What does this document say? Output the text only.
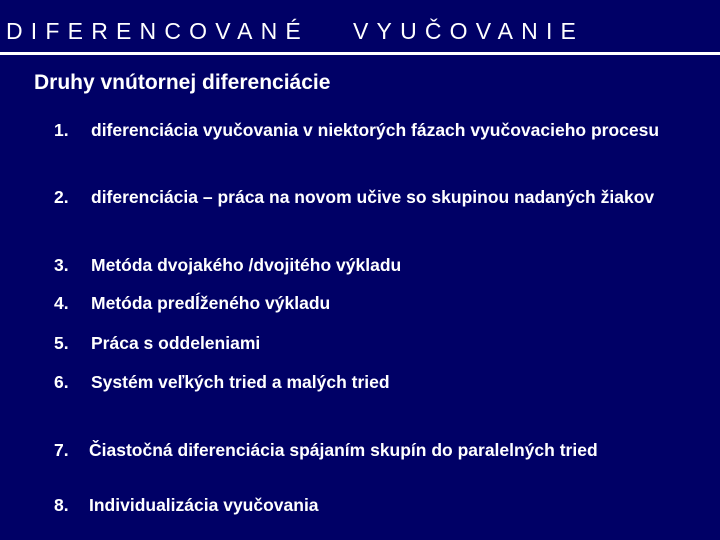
DIFERENCOVANÉ VYUČOVANIE
Druhy vnútornej diferenciácie
1. diferenciácia vyučovania v niektorých fázach vyučovacieho procesu
2. diferenciácia – práca na novom učive so skupinou nadaných žiakov
3. Metóda dvojakého /dvojitého výkladu
4. Metóda predĺženého výkladu
5. Práca s oddeleniami
6. Systém veľkých tried a malých tried
7. Čiastočná diferenciácia spájaním skupín do paralelných tried
8. Individualizácia vyučovania
